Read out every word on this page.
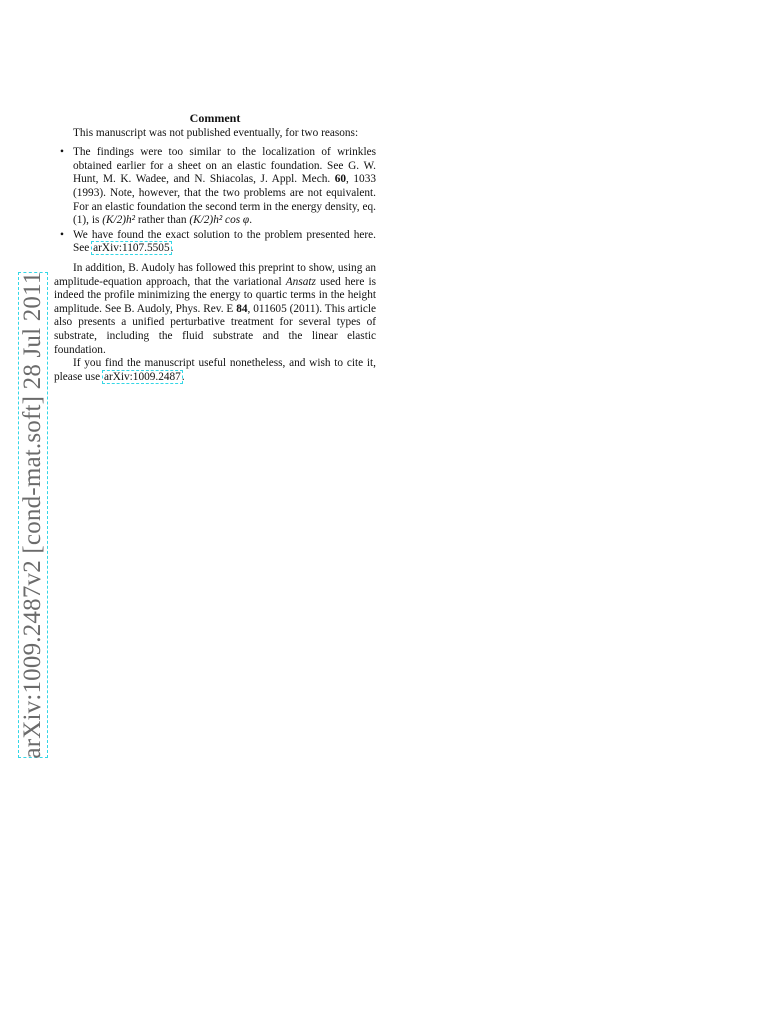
arXiv:1009.2487v2 [cond-mat.soft] 28 Jul 2011
Comment

This manuscript was not published eventually, for two reasons:

• The findings were too similar to the localization of wrinkles obtained earlier for a sheet on an elastic foundation. See G. W. Hunt, M. K. Wadee, and N. Shiacolas, J. Appl. Mech. 60, 1033 (1993). Note, however, that the two problems are not equivalent. For an elastic foundation the second term in the energy density, eq. (1), is (K/2)h² rather than (K/2)h² cos φ.
• We have found the exact solution to the problem presented here. See arXiv:1107.5505.

In addition, B. Audoly has followed this preprint to show, using an amplitude-equation approach, that the variational Ansatz used here is indeed the profile minimizing the energy to quartic terms in the height amplitude. See B. Audoly, Phys. Rev. E 84, 011605 (2011). This article also presents a unified perturbative treatment for several types of substrate, including the fluid substrate and the linear elastic foundation.

If you find the manuscript useful nonetheless, and wish to cite it, please use arXiv:1009.2487.
